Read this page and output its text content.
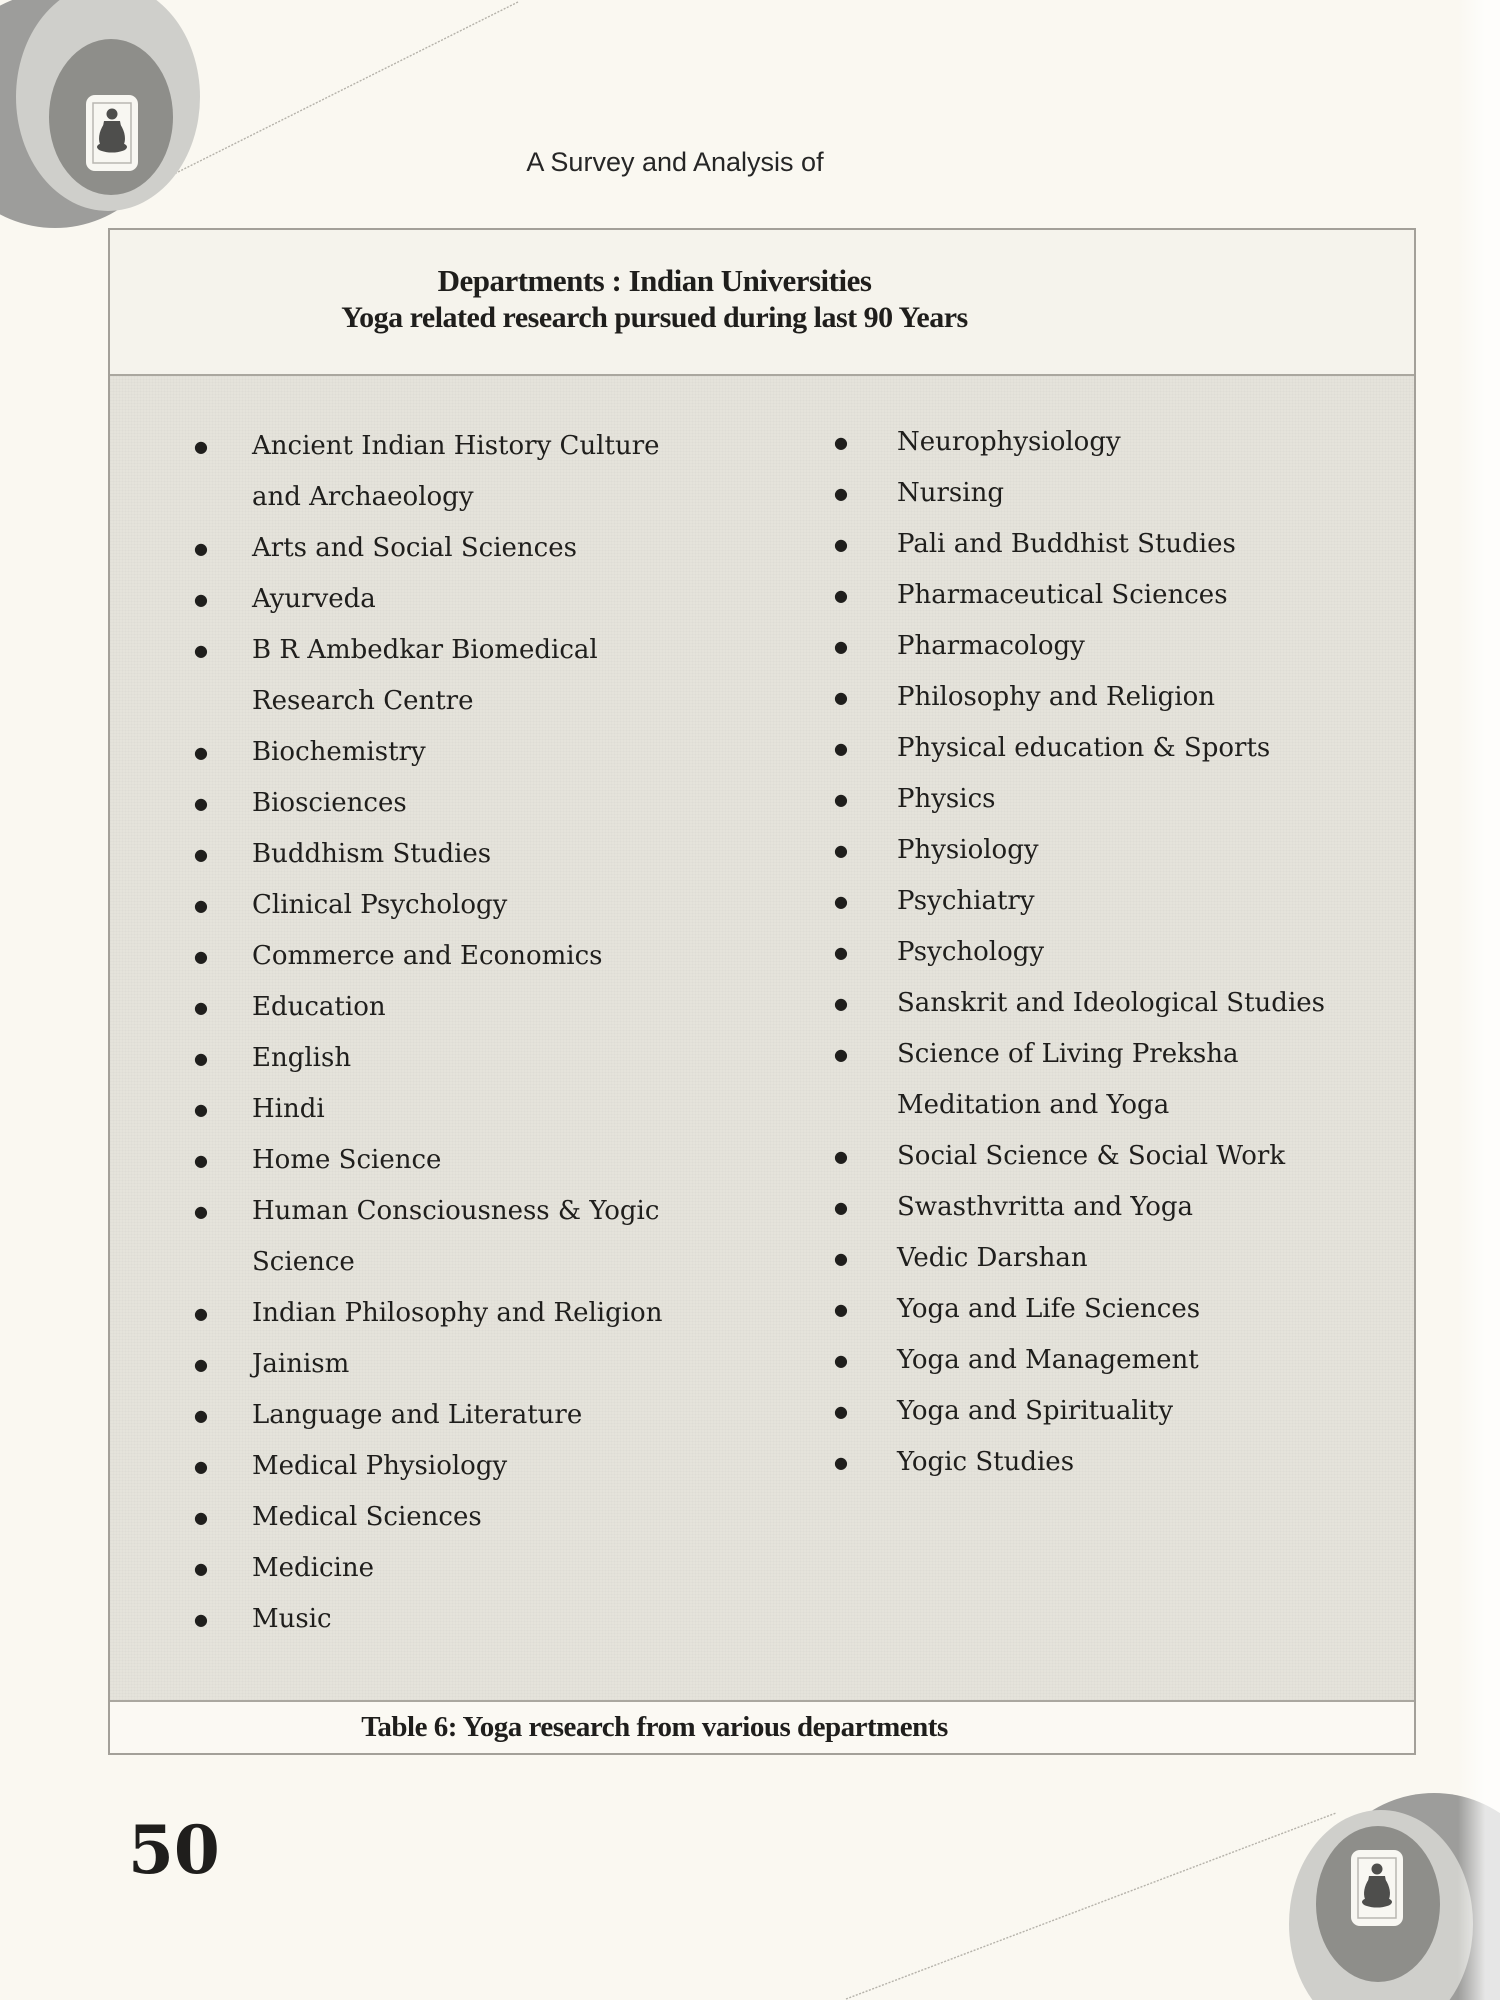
A Survey and Analysis of
Departments : Indian Universities
Yoga related research pursued during last 90 Years
● Ancient Indian History Culture
and Archaeology
● Arts and Social Sciences
● Ayurveda
● B R Ambedkar Biomedical
Research Centre
● Biochemistry
● Biosciences
● Buddhism Studies
● Clinical Psychology
● Commerce and Economics
● Education
● English
● Hindi
● Home Science
● Human Consciousness & Yogic
Science
● Indian Philosophy and Religion
● Jainism
● Language and Literature
● Medical Physiology
● Medical Sciences
● Medicine
● Music
● Neurophysiology
● Nursing
● Pali and Buddhist Studies
● Pharmaceutical Sciences
● Pharmacology
● Philosophy and Religion
● Physical education & Sports
● Physics
● Physiology
● Psychiatry
● Psychology
● Sanskrit and Ideological Studies
● Science of Living Preksha
Meditation and Yoga
● Social Science & Social Work
● Swasthvritta and Yoga
● Vedic Darshan
● Yoga and Life Sciences
● Yoga and Management
● Yoga and Spirituality
● Yogic Studies
Table 6: Yoga research from various departments
50
